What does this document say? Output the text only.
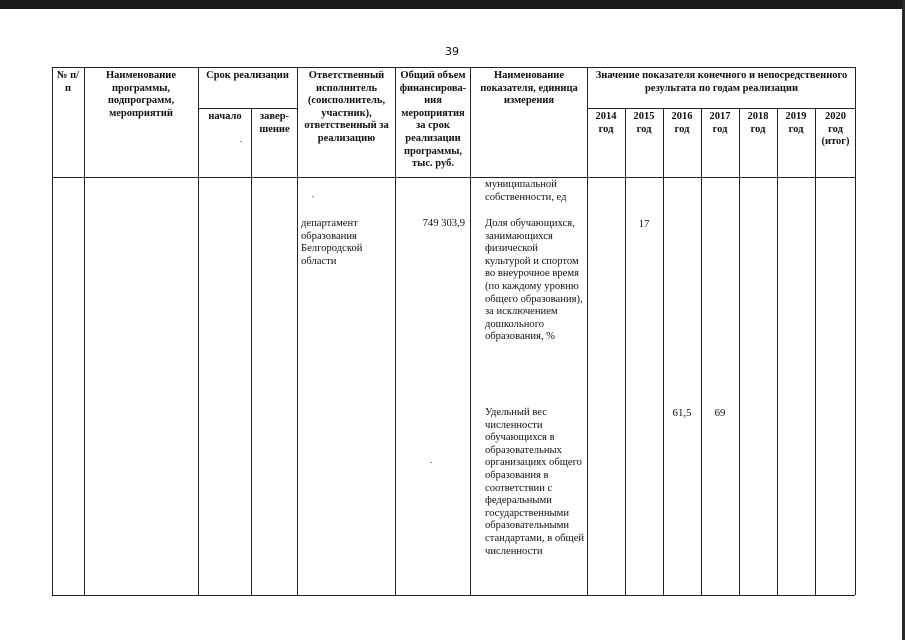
39
№ п/п
Наименование программы, подпрограмм, мероприятий
Срок реализации
начало	завер-шение
Ответственный исполнитель (соисполнитель, участник), ответственный за реализацию
Общий объем финансирова-ния мероприятия за срок реализации программы, тыс. руб.
Наименование показателя, единица измерения
Значение показателя конечного и непосредственного результата по годам реализации
2015 год
2014 год
2016 год
2017 год
2018 год
2019 год
2020 год (итог)
муниципальной собственности, ед
департамент образования Белгородской области
749 303,9 Доля обучающихся, занимающихся физической культурой и спортом во внеурочное время (по каждому уровню общего образования), за исключением дошкольного образования, %
17
Удельный вес численности обучающихся в образовательных организациях общего образования в соответствии с федеральными государственными образовательными стандартами, в общей численности
61,5	69
